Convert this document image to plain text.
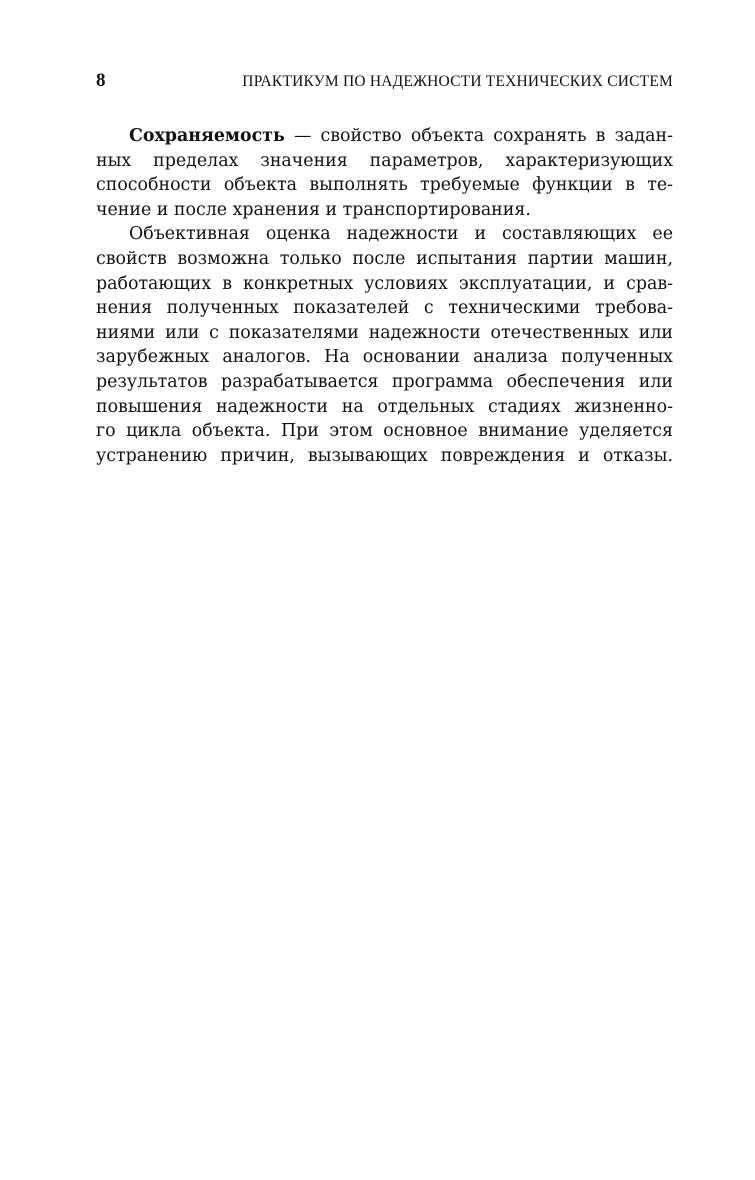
8	ПРАКТИКУМ ПО НАДЕЖНОСТИ ТЕХНИЧЕСКИХ СИСТЕМ
Сохраняемость — свойство объекта сохранять в задан-
ных пределах значения параметров, характеризующих
способности объекта выполнять требуемые функции в те-
чение и после хранения и транспортирования.
Объективная оценка надежности и составляющих ее
свойств возможна только после испытания партии машин,
работающих в конкретных условиях эксплуатации, и срав-
нения полученных показателей с техническими требова-
ниями или с показателями надежности отечественных или
зарубежных аналогов. На основании анализа полученных
результатов разрабатывается программа обеспечения или
повышения надежности на отдельных стадиях жизненно-
го цикла объекта. При этом основное внимание уделяется
устранению причин, вызывающих повреждения и отказы.
